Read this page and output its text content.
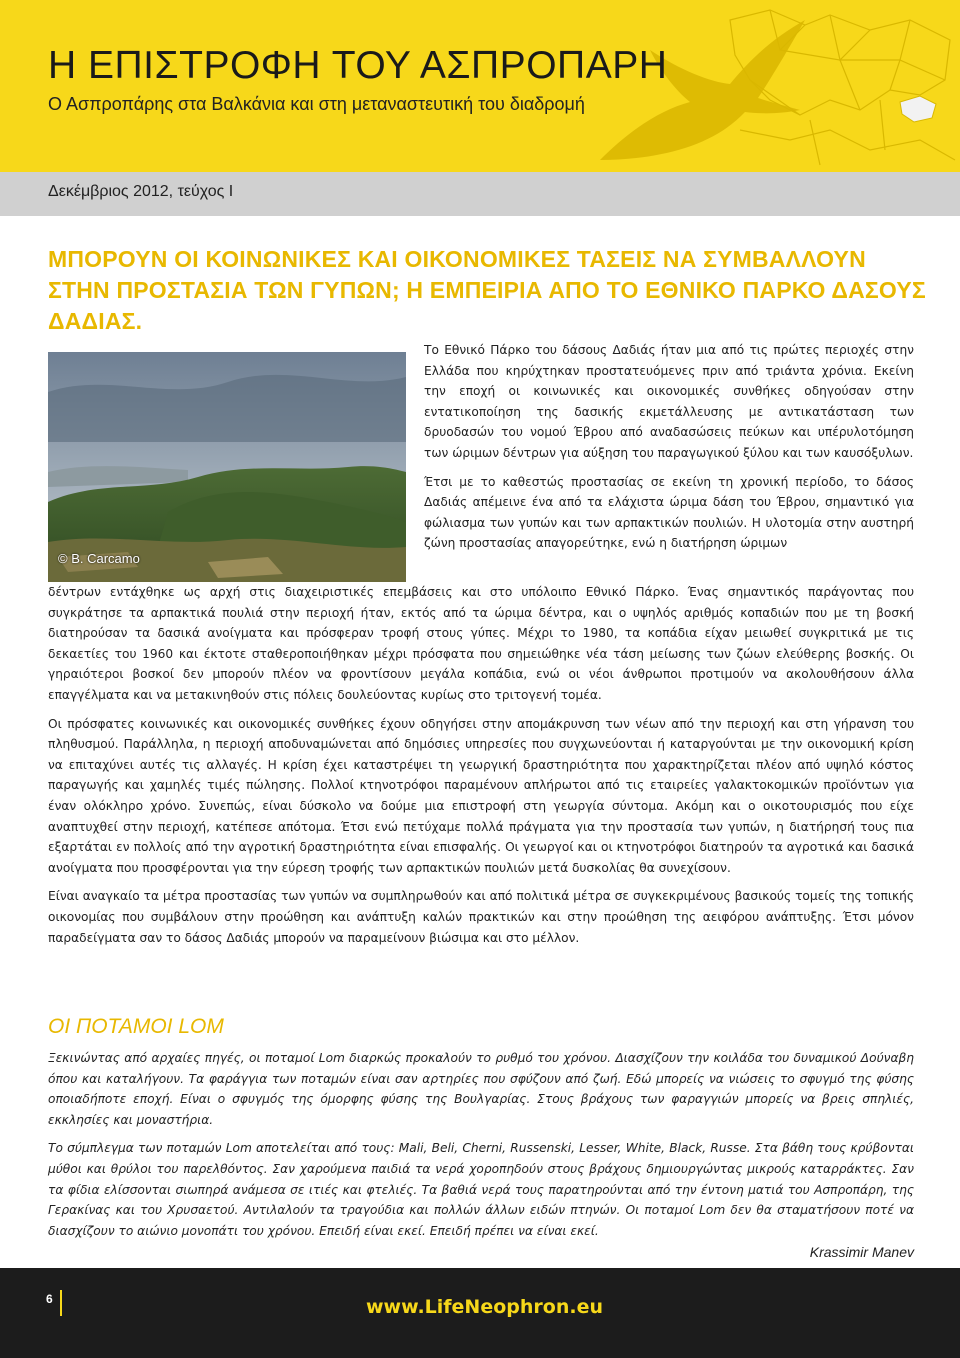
Η ΕΠΙΣΤΡΟΦΗ ΤΟΥ ΑΣΠΡΟΠΑΡΗ
Ο Ασπροπάρης στα Βαλκάνια και στη μεταναστευτική του διαδρομή
Δεκέμβριος 2012, τεύχος Ι
ΜΠΟΡΟΥΝ ΟΙ ΚΟΙΝΩΝΙΚΕΣ ΚΑΙ ΟΙΚΟΝΟΜΙΚΕΣ ΤΑΣΕΙΣ ΝΑ ΣΥΜΒΑΛΛΟΥΝ ΣΤΗΝ ΠΡΟΣΤΑΣΙΑ ΤΩΝ ΓΥΠΩΝ; Η ΕΜΠΕΙΡΙΑ ΑΠΟ ΤΟ ΕΘΝΙΚΟ ΠΑΡΚΟ ΔΑΣΟΥΣ ΔΑΔΙΑΣ.
© B. Carcamo

Το Εθνικό Πάρκο του δάσους Δαδιάς ήταν μια από τις πρώτες περιοχές στην Ελλάδα που κηρύχτηκαν προστατευόμενες πριν από τριάντα χρόνια. Εκείνη την εποχή οι κοινωνικές και οικονομικές συνθήκες οδηγούσαν στην εντατικοποίηση της δασικής εκμετάλλευσης με αντικατάσταση των δρυοδασών του νομού Έβρου από αναδασώσεις πεύκων και υπέρυλοτόμηση των ώριμων δέντρων για αύξηση του παραγωγικού ξύλου και των καυσόξυλων.

Έτσι με το καθεστώς προστασίας σε εκείνη τη χρονική περίοδο, το δάσος Δαδιάς απέμεινε ένα από τα ελάχιστα ώριμα δάση του Έβρου, σημαντικό για φώλιασμα των γυπών και των αρπακτικών πουλιών. Η υλοτομία στην αυστηρή ζώνη προστασίας απαγορεύτηκε, ενώ η διατήρηση ώριμων

δέντρων εντάχθηκε ως αρχή στις διαχειριστικές επεμβάσεις και στο υπόλοιπο Εθνικό Πάρκο. Ένας σημαντικός παράγοντας που συγκράτησε τα αρπακτικά πουλιά στην περιοχή ήταν, εκτός από τα ώριμα δέντρα, και ο υψηλός αριθμός κοπαδιών που με τη βοσκή διατηρούσαν τα δασικά ανοίγματα και πρόσφεραν τροφή στους γύπες. Μέχρι το 1980, τα κοπάδια είχαν μειωθεί συγκριτικά με τις δεκαετίες του 1960 και έκτοτε σταθεροποιήθηκαν μέχρι πρόσφατα που σημειώθηκε νέα τάση μείωσης των ζώων ελεύθερης βοσκής. Οι γηραιότεροι βοσκοί δεν μπορούν πλέον να φροντίσουν μεγάλα κοπάδια, ενώ οι νέοι άνθρωποι προτιμούν να ακολουθήσουν άλλα επαγγέλματα και να μετακινηθούν στις πόλεις δουλεύοντας κυρίως στο τριτογενή τομέα.

Οι πρόσφατες κοινωνικές και οικονομικές συνθήκες έχουν οδηγήσει στην απομάκρυνση των νέων από την περιοχή και στη γήρανση του πληθυσμού. Παράλληλα, η περιοχή αποδυναμώνεται από δημόσιες υπηρεσίες που συγχωνεύονται ή καταργούνται με την οικονομική κρίση να επιταχύνει αυτές τις αλλαγές. Η κρίση έχει καταστρέψει τη γεωργική δραστηριότητα που χαρακτηρίζεται πλέον από υψηλό κόστος παραγωγής και χαμηλές τιμές πώλησης. Πολλοί κτηνοτρόφοι παραμένουν απλήρωτοι από τις εταιρείες γαλακτοκομικών προϊόντων για έναν ολόκληρο χρόνο. Συνεπώς, είναι δύσκολο να δούμε μια επιστροφή στη γεωργία σύντομα. Ακόμη και ο οικοτουρισμός που είχε αναπτυχθεί στην περιοχή, κατέπεσε απότομα. Έτσι ενώ πετύχαμε πολλά πράγματα για την προστασία των γυπών, η διατήρησή τους πια εξαρτάται εν πολλοίς από την αγροτική δραστηριότητα είναι επισφαλής. Οι γεωργοί και οι κτηνοτρόφοι διατηρούν τα αγροτικά και δασικά ανοίγματα που προσφέρονται για την εύρεση τροφής των αρπακτικών πουλιών μετά δυσκολίας θα συνεχίσουν.

Είναι αναγκαίο τα μέτρα προστασίας των γυπών να συμπληρωθούν και από πολιτικά μέτρα σε συγκεκριμένους βασικούς τομείς της τοπικής οικονομίας που συμβάλουν στην προώθηση και ανάπτυξη καλών πρακτικών και στην προώθηση της αειφόρου ανάπτυξης. Έτσι μόνον παραδείγματα σαν το δάσος Δαδιάς μπορούν να παραμείνουν βιώσιμα και στο μέλλον.

ΟΙ ΠΟΤΑΜΟΙ LOM

Ξεκινώντας από αρχαίες πηγές, οι ποταμοί Lom διαρκώς προκαλούν το ρυθμό του χρόνου. Διασχίζουν την κοιλάδα του δυναμικού Δούναβη όπου και καταλήγουν. Τα φαράγγια των ποταμών είναι σαν αρτηρίες που σφύζουν από ζωή. Εδώ μπορείς να νιώσεις το σφυγμό της φύσης οποιαδήποτε εποχή. Είναι ο σφυγμός της όμορφης φύσης της Βουλγαρίας. Στους βράχους των φαραγγιών μπορείς να βρεις σπηλιές, εκκλησίες και μοναστήρια.

Το σύμπλεγμα των ποταμών Lom αποτελείται από τους: Mali, Beli, Cherni, Russenski, Lesser, White, Black, Russe. Στα βάθη τους κρύβονται μύθοι και θρύλοι του παρελθόντος. Σαν χαρούμενα παιδιά τα νερά χοροπηδούν στους βράχους δημιουργώντας μικρούς καταρράκτες. Σαν τα φίδια ελίσσονται σιωπηρά ανάμεσα σε ιτιές και φτελιές. Τα βαθιά νερά τους παρατηρούνται από την έντονη ματιά του Ασπροπάρη, της Γερακίνας και του Χρυσαετού. Αντιλαλούν τα τραγούδια και πολλών άλλων ειδών πτηνών. Οι ποταμοί Lom δεν θα σταματήσουν ποτέ να διασχίζουν το αιώνιο μονοπάτι του χρόνου. Επειδή είναι εκεί. Επειδή πρέπει να είναι εκεί.

Krassimir Manev
6	www.LifeNeophron.eu
